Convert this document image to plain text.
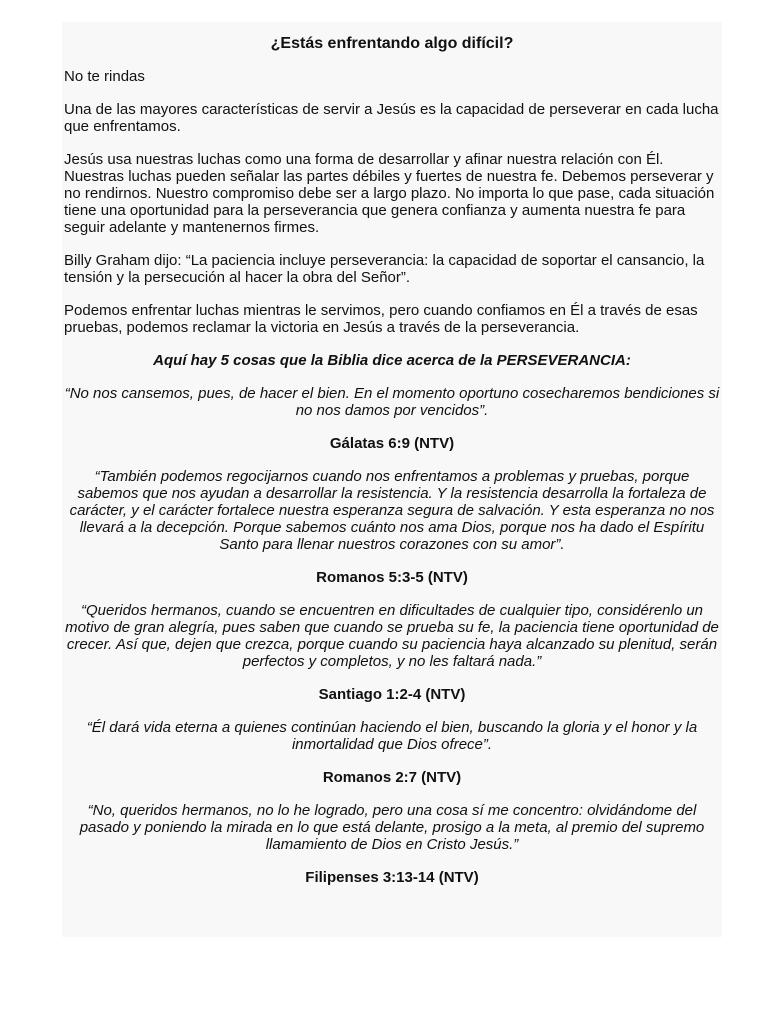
¿Estás enfrentando algo difícil?

No te rindas

Una de las mayores características de servir a Jesús es la capacidad de perseverar en cada lucha que enfrentamos.

Jesús usa nuestras luchas como una forma de desarrollar y afinar nuestra relación con Él. Nuestras luchas pueden señalar las partes débiles y fuertes de nuestra fe. Debemos perseverar y no rendirnos. Nuestro compromiso debe ser a largo plazo. No importa lo que pase, cada situación tiene una oportunidad para la perseverancia que genera confianza y aumenta nuestra fe para seguir adelante y mantenernos firmes.

Billy Graham dijo: “La paciencia incluye perseverancia: la capacidad de soportar el cansancio, la tensión y la persecución al hacer la obra del Señor”.

Podemos enfrentar luchas mientras le servimos, pero cuando confiamos en Él a través de esas pruebas, podemos reclamar la victoria en Jesús a través de la perseverancia.

Aquí hay 5 cosas que la Biblia dice acerca de la PERSEVERANCIA:

“No nos cansemos, pues, de hacer el bien. En el momento oportuno cosecharemos bendiciones si no nos damos por vencidos”.

Gálatas 6:9 (NTV)

“También podemos regocijarnos cuando nos enfrentamos a problemas y pruebas, porque sabemos que nos ayudan a desarrollar la resistencia. Y la resistencia desarrolla la fortaleza de carácter, y el carácter fortalece nuestra esperanza segura de salvación. Y esta esperanza no nos llevará a la decepción. Porque sabemos cuánto nos ama Dios, porque nos ha dado el Espíritu Santo para llenar nuestros corazones con su amor”.

Romanos 5:3-5 (NTV)

“Queridos hermanos, cuando se encuentren en dificultades de cualquier tipo, considérenlo un motivo de gran alegría, pues saben que cuando se prueba su fe, la paciencia tiene oportunidad de crecer. Así que, dejen que crezca, porque cuando su paciencia haya alcanzado su plenitud, serán perfectos y completos, y no les faltará nada.”

Santiago 1:2-4 (NTV)

“Él dará vida eterna a quienes continúan haciendo el bien, buscando la gloria y el honor y la inmortalidad que Dios ofrece”.

Romanos 2:7 (NTV)

“No, queridos hermanos, no lo he logrado, pero una cosa sí me concentro: olvidándome del pasado y poniendo la mirada en lo que está delante, prosigo a la meta, al premio del supremo llamamiento de Dios en Cristo Jesús.”

Filipenses 3:13-14 (NTV)
